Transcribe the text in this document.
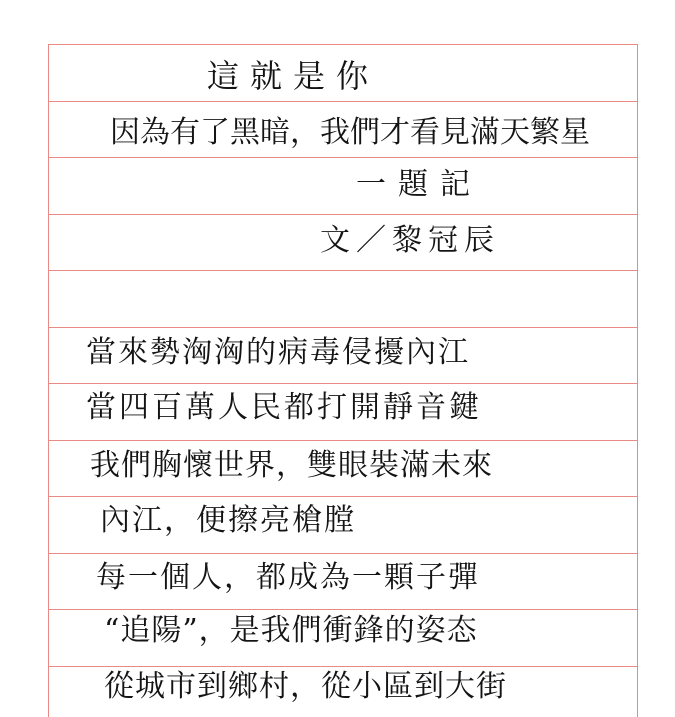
這就是你
因為有了黑暗，我們才看見滿天繁星
一題記
文／黎冠辰
當來勢洶洶的病毒侵擾內江
當四百萬人民都打開靜音鍵
我們胸懷世界，雙眼裝滿未來
內江，便擦亮槍膛
每一個人，都成為一顆子彈
“追陽”，是我們衝鋒的姿态
從城市到鄉村，從小區到大街
